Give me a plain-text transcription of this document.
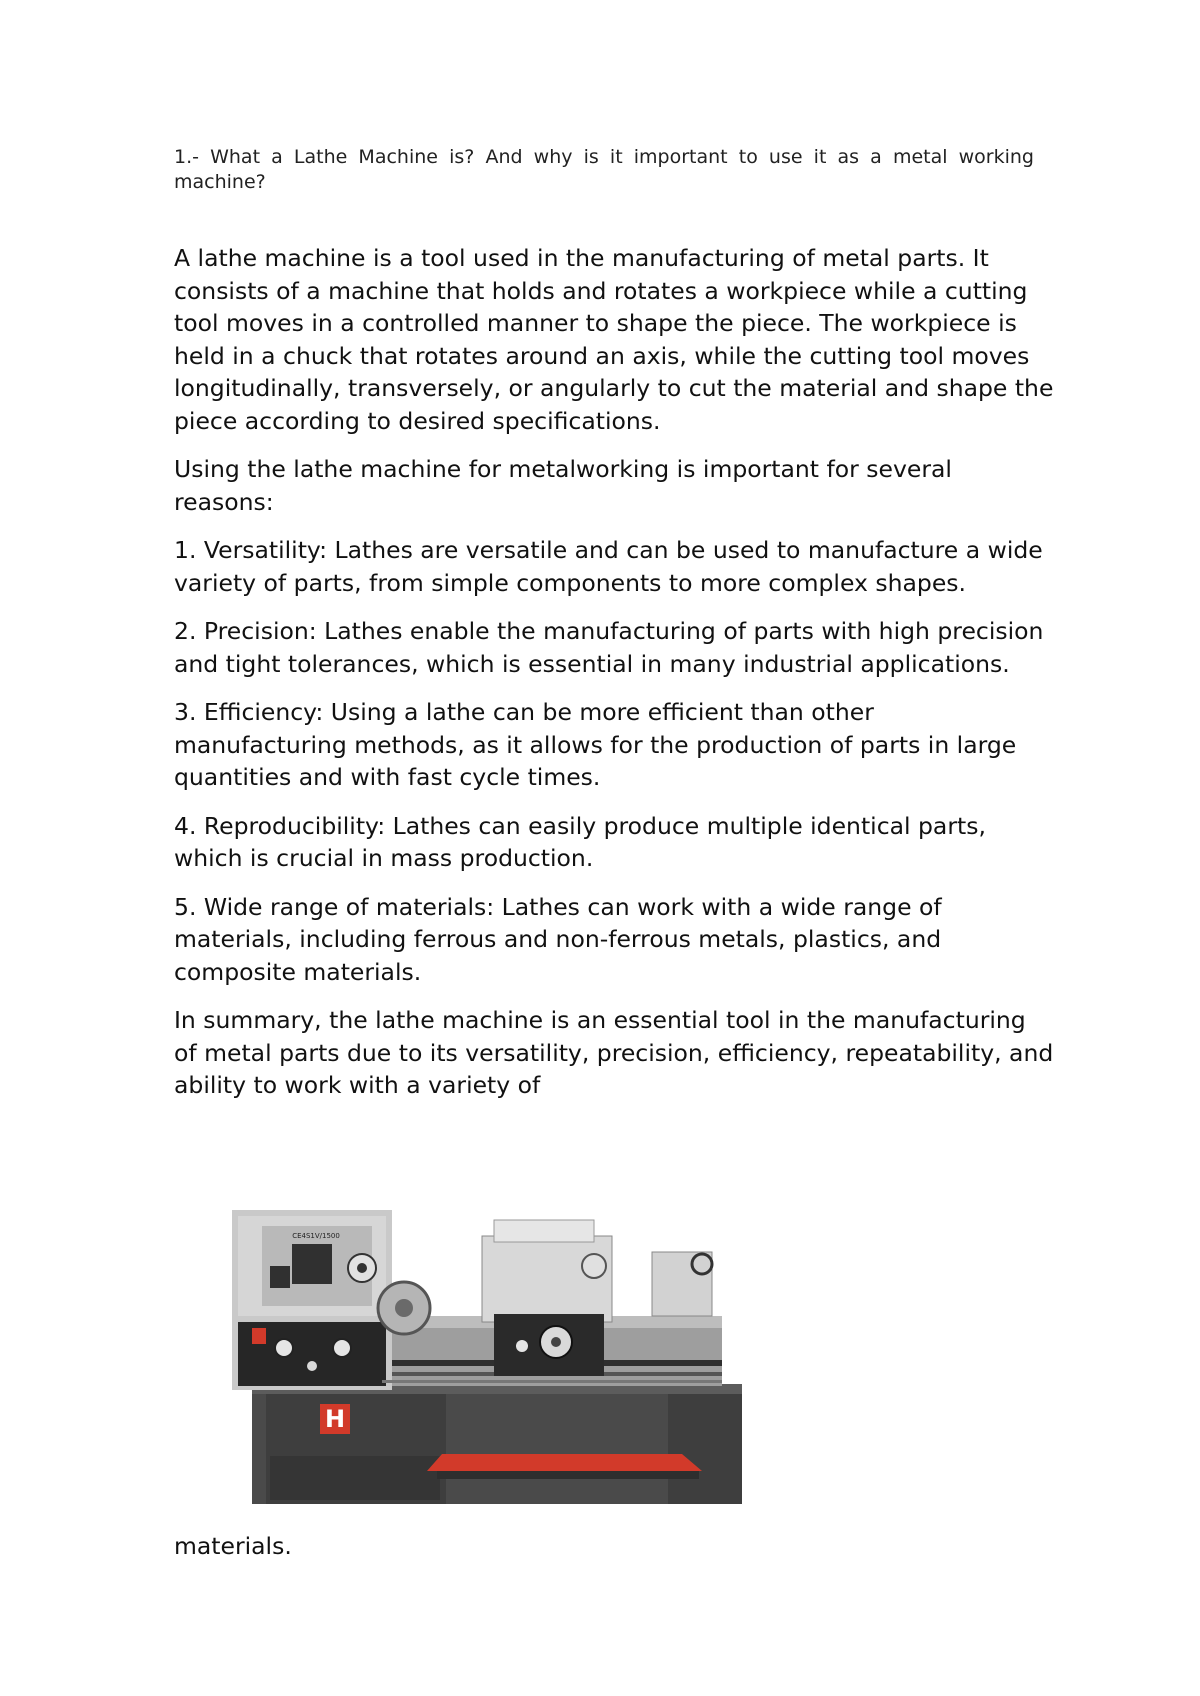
1.- What a Lathe Machine is? And why is it important to use it as a metal working machine?

A lathe machine is a tool used in the manufacturing of metal parts. It consists of a machine that holds and rotates a workpiece while a cutting tool moves in a controlled manner to shape the piece. The workpiece is held in a chuck that rotates around an axis, while the cutting tool moves longitudinally, transversely, or angularly to cut the material and shape the piece according to desired specifications.

Using the lathe machine for metalworking is important for several reasons:

1. Versatility: Lathes are versatile and can be used to manufacture a wide variety of parts, from simple components to more complex shapes.

2. Precision: Lathes enable the manufacturing of parts with high precision and tight tolerances, which is essential in many industrial applications.

3. Efficiency: Using a lathe can be more efficient than other manufacturing methods, as it allows for the production of parts in large quantities and with fast cycle times.

4. Reproducibility: Lathes can easily produce multiple identical parts, which is crucial in mass production.

5. Wide range of materials: Lathes can work with a wide range of materials, including ferrous and non-ferrous metals, plastics, and composite materials.

In summary, the lathe machine is an essential tool in the manufacturing of metal parts due to its versatility, precision, efficiency, repeatability, and ability to work with a variety of

H
CE4S1V/1500
materials.
